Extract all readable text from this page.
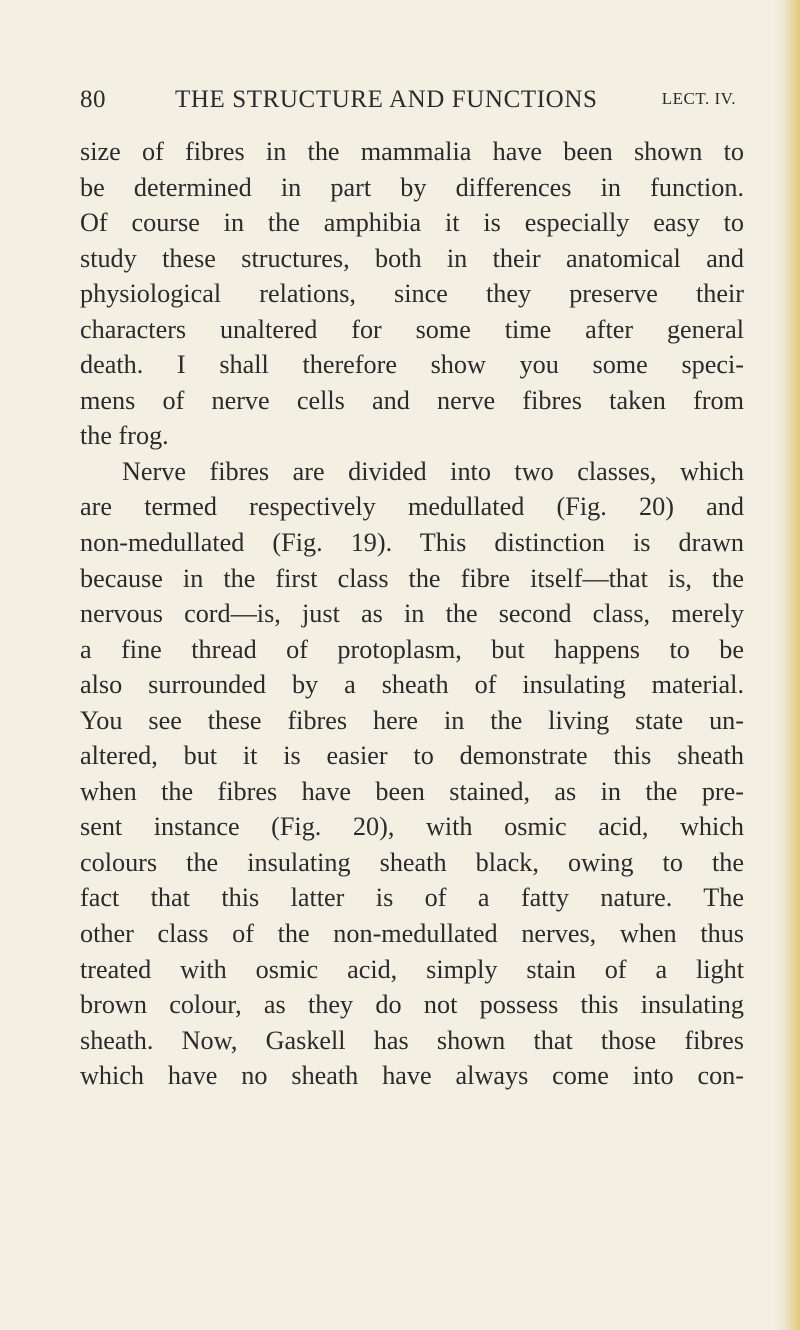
80	THE STRUCTURE AND FUNCTIONS	LECT. IV.
size of fibres in the mammalia have been shown to
be determined in part by differences in function.
Of course in the amphibia it is especially easy to
study these structures, both in their anatomical and
physiological relations, since they preserve their
characters unaltered for some time after general
death. I shall therefore show you some speci-
mens of nerve cells and nerve fibres taken from
the frog.
Nerve fibres are divided into two classes, which
are termed respectively medullated (Fig. 20) and
non-medullated (Fig. 19). This distinction is drawn
because in the first class the fibre itself—that is, the
nervous cord—is, just as in the second class, merely
a fine thread of protoplasm, but happens to be
also surrounded by a sheath of insulating material.
You see these fibres here in the living state un-
altered, but it is easier to demonstrate this sheath
when the fibres have been stained, as in the pre-
sent instance (Fig. 20), with osmic acid, which
colours the insulating sheath black, owing to the
fact that this latter is of a fatty nature. The
other class of the non-medullated nerves, when thus
treated with osmic acid, simply stain of a light
brown colour, as they do not possess this insulating
sheath. Now, Gaskell has shown that those fibres
which have no sheath have always come into con-
